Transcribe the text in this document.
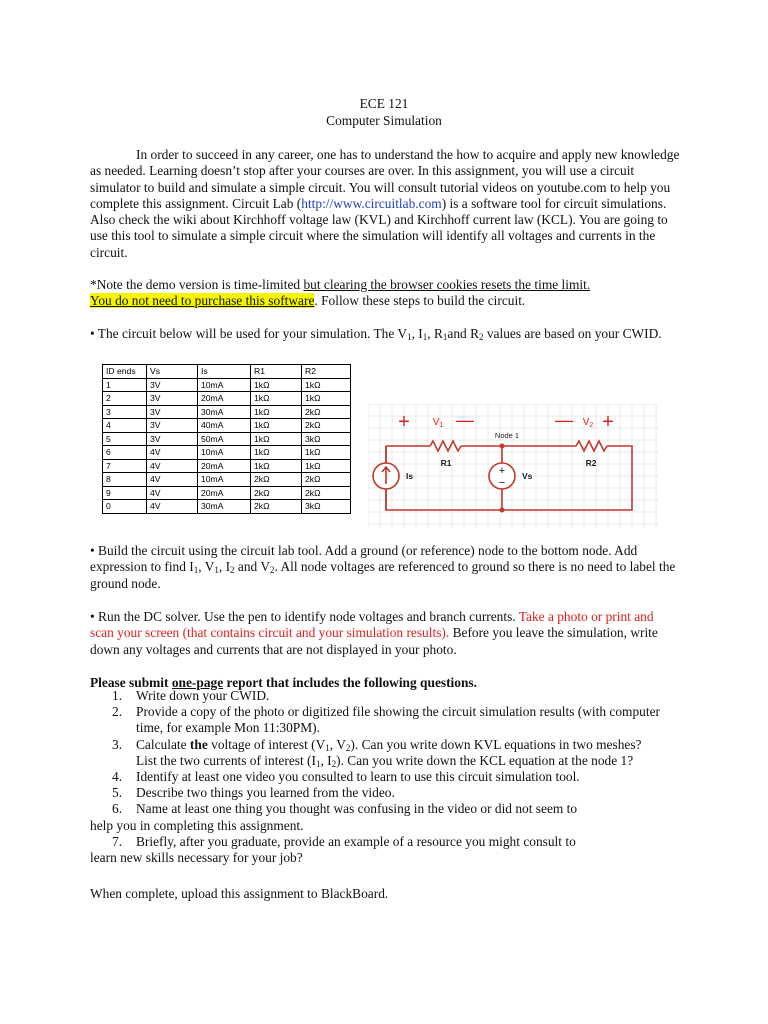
ECE 121
Computer Simulation
In order to succeed in any career, one has to understand the how to acquire and apply new knowledge as needed. Learning doesn’t stop after your courses are over. In this assignment, you will use a circuit simulator to build and simulate a simple circuit. You will consult tutorial videos on youtube.com to help you complete this assignment. Circuit Lab (http://www.circuitlab.com) is a software tool for circuit simulations. Also check the wiki about Kirchhoff voltage law (KVL) and Kirchhoff current law (KCL). You are going to use this tool to simulate a simple circuit where the simulation will identify all voltages and currents in the circuit.
*Note the demo version is time-limited but clearing the browser cookies resets the time limit.
You do not need to purchase this software. Follow these steps to build the circuit.
• The circuit below will be used for your simulation. The $V_1$, $I_1$, $R_1and$ $R_2$ values are based on your CWID.
ID ends	Vs	Is	R1	R2
1	3V	10mA	1kΩ	1kΩ
2	3V	20mA	1kΩ	1kΩ
3	3V	30mA	1kΩ	2kΩ
4	3V	40mA	1kΩ	2kΩ
5	3V	50mA	1kΩ	3kΩ
6	4V	10mA	1kΩ	1kΩ
7	4V	20mA	1kΩ	1kΩ
8	4V	10mA	2kΩ	2kΩ
9	4V	20mA	2kΩ	2kΩ
0	4V	30mA	2kΩ	3kΩ
+ $V_1$ —	— $V_2$ +
+
−
Node 1
R1	R2
Is	Vs
• Build the circuit using the circuit lab tool. Add a ground (or reference) node to the bottom node. Add expression to find $I_1$, $V_1$, $I_2$ and $V_2$. All node voltages are referenced to ground so there is no need to label the ground node.
• Run the DC solver. Use the pen to identify node voltages and branch currents. Take a photo or print and scan your screen (that contains circuit and your simulation results). Before you leave the simulation, write down any voltages and currents that are not displayed in your photo.
Please submit one-page report that includes the following questions.
1. Write down your CWID.
2. Provide a copy of the photo or digitized file showing the circuit simulation results (with computer time, for example Mon 11:30PM).
3. Calculate the voltage of interest ($V_1$, $V_2$). Can you write down KVL equations in two meshes?
List the two currents of interest ($I_1$, $I_2$). Can you write down the KCL equation at the node 1?
4. Identify at least one video you consulted to learn to use this circuit simulation tool.
5. Describe two things you learned from the video.
6. Name at least one thing you thought was confusing in the video or did not seem to
help you in completing this assignment.
7. Briefly, after you graduate, provide an example of a resource you might consult to
learn new skills necessary for your job?
When complete, upload this assignment to BlackBoard.
